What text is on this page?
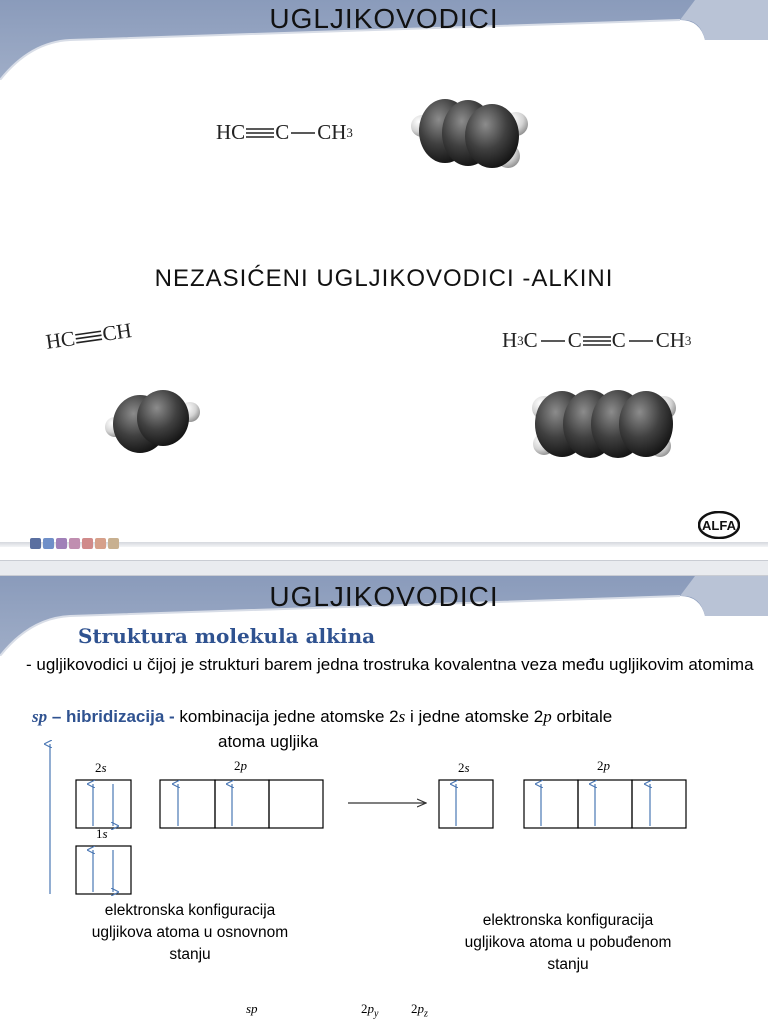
UGLJIKOVODICI
HC C CH 3
NEZASIĆENI UGLJIKOVODICI -ALKINI
HC CH	H 3 C C C CH 3
ALFA
UGLJIKOVODICI
Struktura molekula alkina
- ugljikovodici u čijoj je strukturi barem jedna trostruka kovalentna veza među ugljikovim atomima
sp – hibridizacija - kombinacija jedne atomske 2s i jedne atomske 2p orbitale
atoma ugljika
2s	2p
1s
2s	2p
elektronska konfiguracija
ugljikova atoma u osnovnom
stanju
elektronska konfiguracija
ugljikova atoma u pobuđenom
stanju
sp	$2p_y$	$2p_z$
